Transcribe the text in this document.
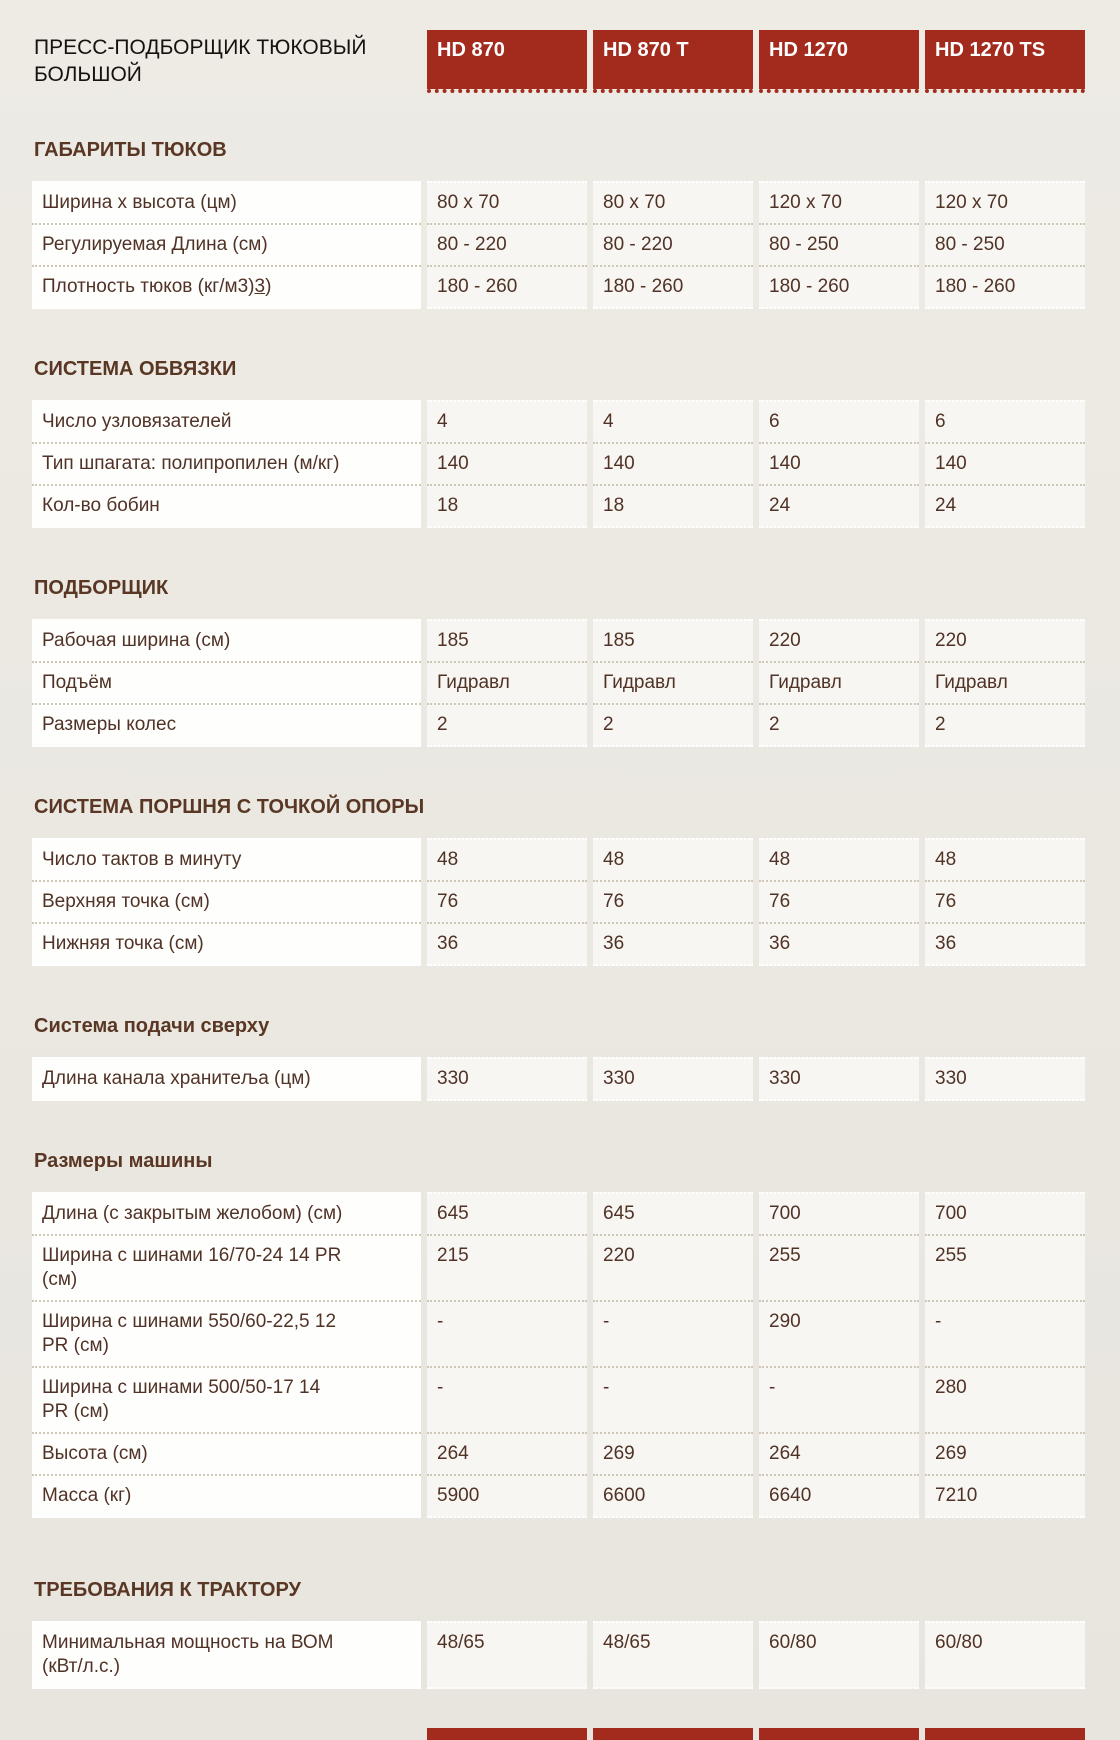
ПРЕСС-ПОДБОРЩИК ТЮКОВЫЙ БОЛЬШОЙ
HD 870	HD 870 T	HD 1270	HD 1270 TS
ГАБАРИТЫ ТЮКОВ
Ширина x высота (цм)	80 x 70	80 x 70	120 x 70	120 x 70
Регулируемая Длина (см)	80 - 220	80 - 220	80 - 250	80 - 250
Плотность тюков (кг/м3)3)	180 - 260	180 - 260	180 - 260	180 - 260
СИСТЕМА ОБВЯЗКИ
Число узловязателей	4	4	6	6
Тип шпагата: полипропилен (м/кг)	140	140	140	140
Кол-во бобин	18	18	24	24
ПОДБОРЩИК
Рабочая ширина (см)	185	185	220	220
Подъём	Гидравл	Гидравл	Гидравл	Гидравл
Размеры колес	2	2	2	2
СИСТЕМА ПОРШНЯ С ТОЧКОЙ ОПОРЫ
Число тактов в минуту	48	48	48	48
Верхняя точка (см)	76	76	76	76
Нижняя точка (см)	36	36	36	36
Система подачи сверху
Длина канала хранитеља (цм)	330	330	330	330
Размеры машины
Длина (с закрытым желобом) (см)	645	645	700	700
Ширина с шинами 16/70-24 14 PR
(см)
215	220	255	255
Ширина с шинами 550/60-22,5 12
PR (см)
-	-	290	-
Ширина с шинами 500/50-17 14
PR (см)
-	-	-	280
Высота (см)	264	269	264	269
Масса (кг)	5900	6600	6640	7210
ТРЕБОВАНИЯ К ТРАКТОРУ
Минимальная мощность на ВОМ
(кВт/л.с.)
48/65	48/65	60/80	60/80
